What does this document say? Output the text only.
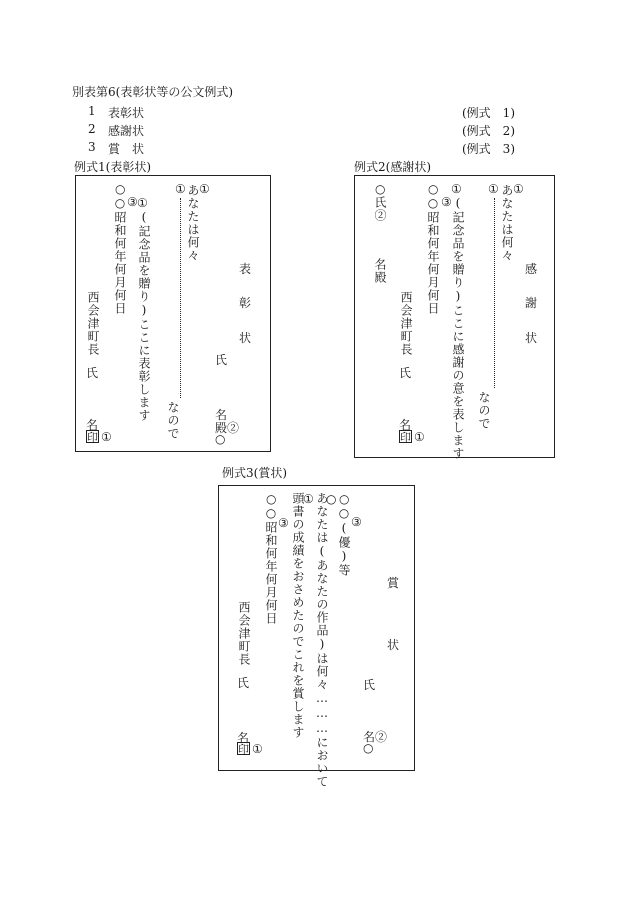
別表第6(表彰状等の公文例式)
1 表彰状	(例式　1)
2 感謝状	(例式　2)
3 賞　状	(例式　3)
例式1(表彰状)
表
彰
状
氏
名
殿②
○
あなたは何々 ①
①
なので
①
(記念品を贈り)ここに表彰します
○
③
○昭和何年何月何日
西会津町長
氏
名
印 ①
例式2(感謝状)
感
謝
状
あなたは何々 ①
①
なので
①
(記念品を贈り)ここに感謝の意を表します
○
③
○昭和何年何月何日
○
氏②
名殿
西会津町長
氏
名
印 ①
例式3(賞状)
賞
状
氏
名②
○
○
③
○(優)等
○
あなたは(あなたの作品)は何々………において
①
頭書の成績をおさめたのでこれを賞します
○
③
○昭和何年何月何日
西会津町長
氏
名
印 ①
